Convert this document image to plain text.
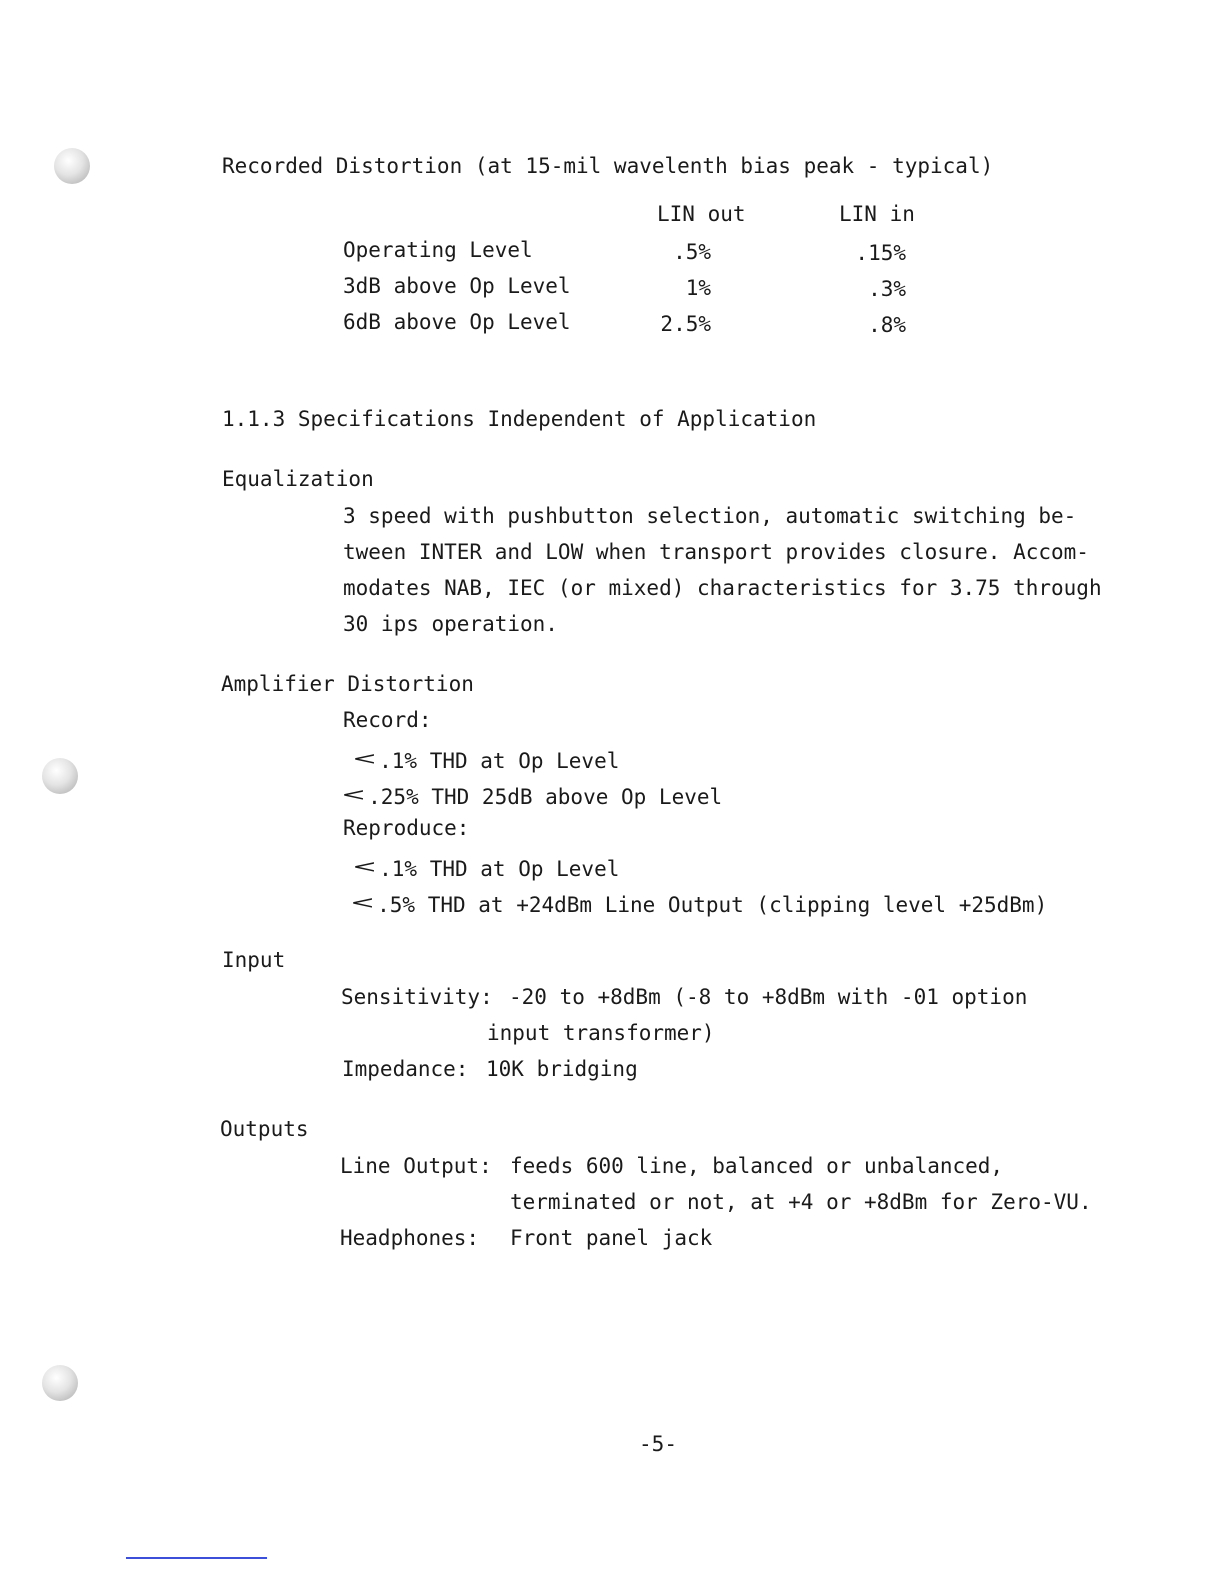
Recorded Distortion (at 15-mil wavelenth bias peak - typical)
LIN out	LIN in
Operating Level	.5%	.15%
3dB above Op Level	1%	.3%
6dB above Op Level	2.5%	.8%
1.1.3 Specifications Independent of Application
Equalization
3 speed with pushbutton selection, automatic switching be-
tween INTER and LOW when transport provides closure. Accom-
modates NAB, IEC (or mixed) characteristics for 3.75 through
30 ips operation.
Amplifier Distortion
Record:
<.1% THD at Op Level
<.25% THD 25dB above Op Level
Reproduce:
<.1% THD at Op Level
<.5% THD at +24dBm Line Output (clipping level +25dBm)
Input
Sensitivity: -20 to +8dBm (-8 to +8dBm with -01 option
input transformer)
Impedance: 10K bridging
Outputs
Line Output: feeds 600 line, balanced or unbalanced,
terminated or not, at +4 or +8dBm for Zero-VU.
Headphones: Front panel jack
-5-
